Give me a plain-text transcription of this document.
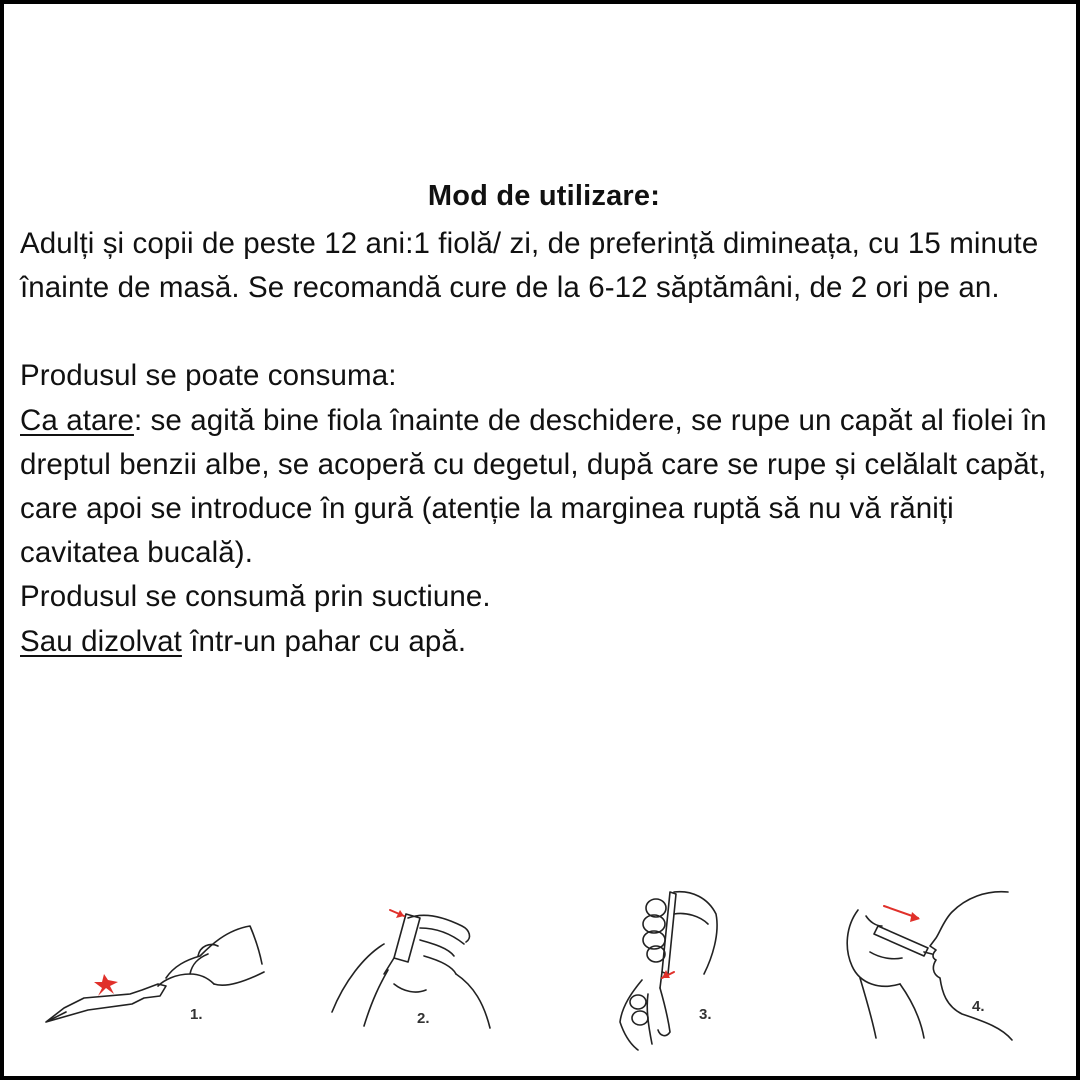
Mod de utilizare:

Adulți și copii de peste 12 ani:1 fiolă/ zi, de preferință dimineața, cu 15 minute înainte de masă. Se recomandă cure de la 6-12 săptămâni, de 2 ori pe an.

Produsul se poate consuma:

Ca atare: se agită bine fiola înainte de deschidere, se rupe un capăt al fiolei în dreptul benzii albe, se acoperă cu degetul, după care se rupe și celălalt capăt, care apoi se introduce în gură (atenție la marginea ruptă să nu vă răniți cavitatea bucală).

Produsul se consumă prin suctiune.

Sau dizolvat într-un pahar cu apă.

1.	2.	3.	4.
